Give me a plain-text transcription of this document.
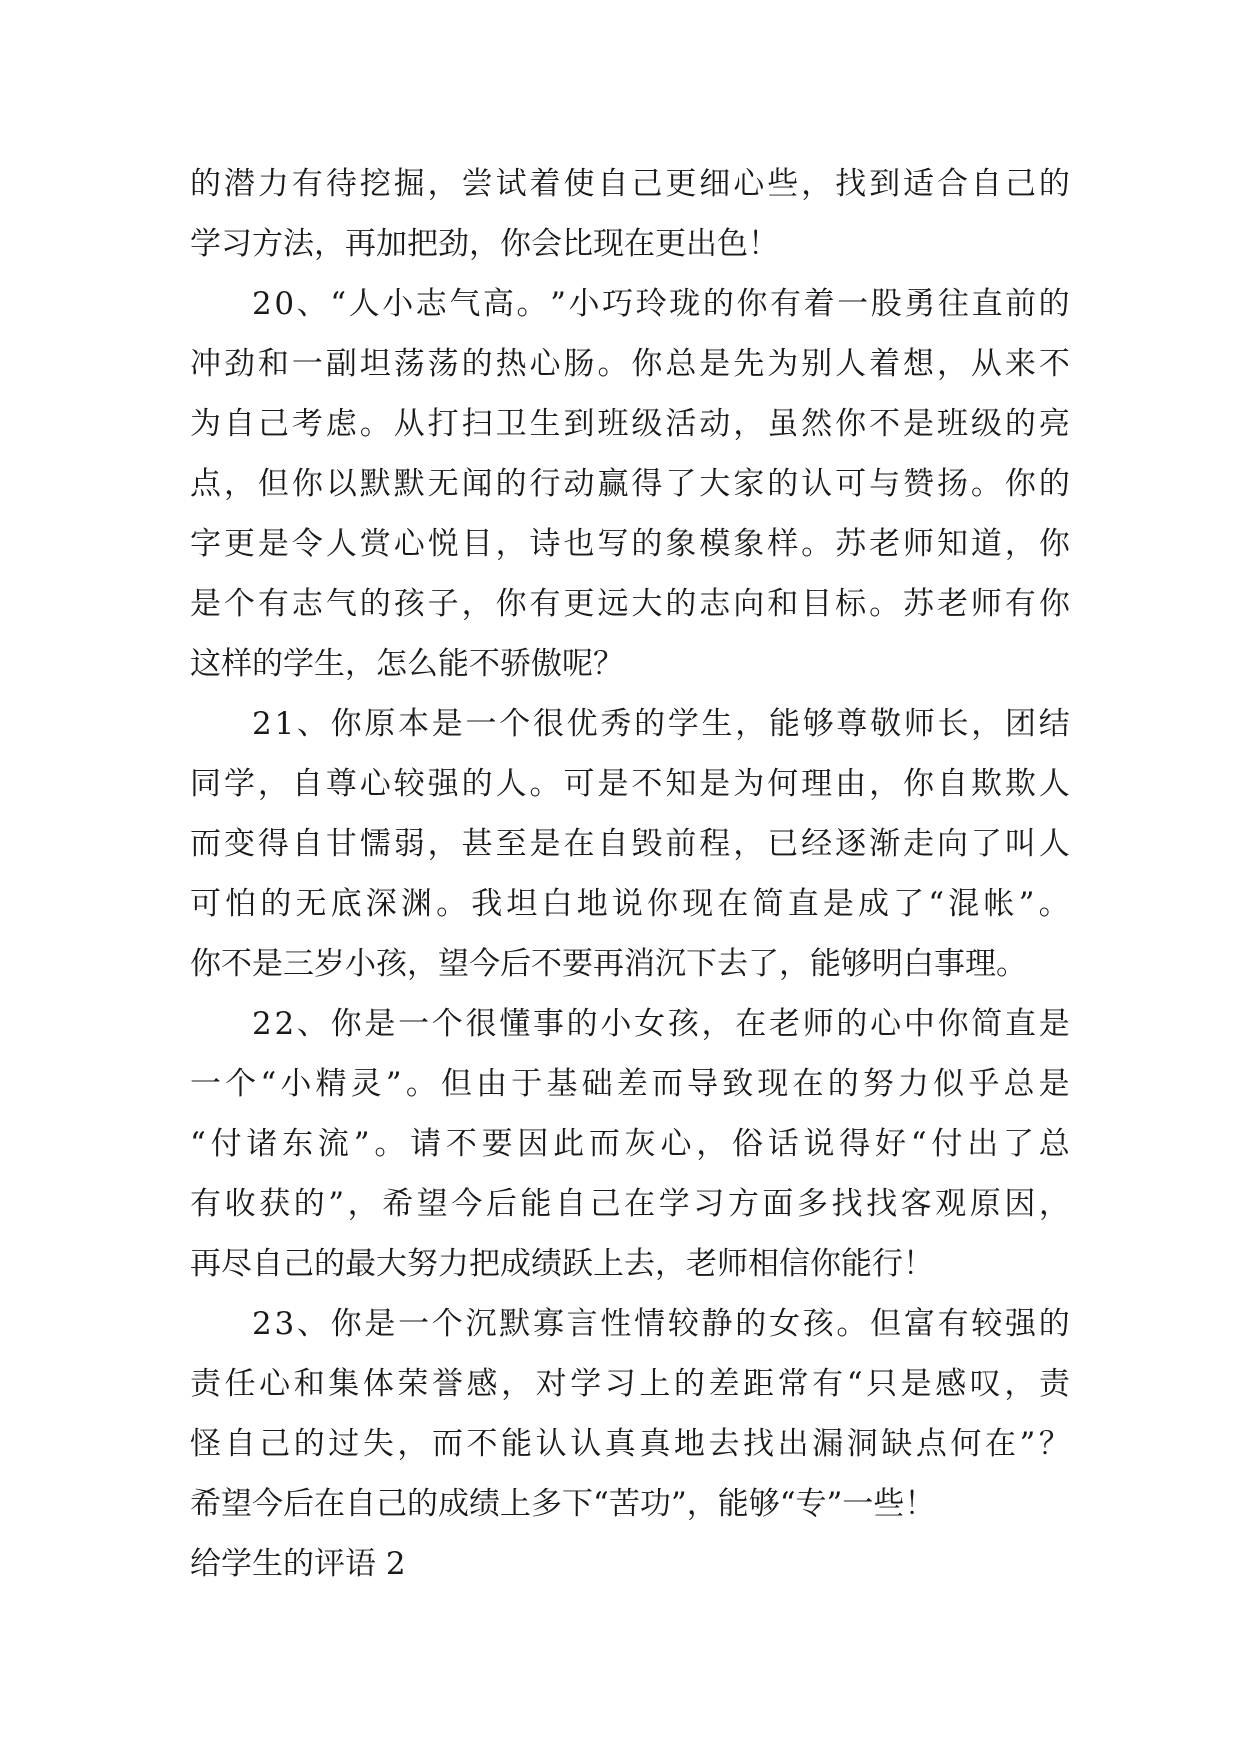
的 潜 力 有 待 挖 掘 ， 尝 试 着 使 自 己 更 细 心 些 ， 找 到 适 合 自 己 的
学习方法，再加把劲，你会比现在更出色！
2 0 、 “ 人 小 志 气 高 。 ” 小 巧 玲 珑 的 你 有 着 一 股 勇 往 直 前 的
冲 劲 和 一 副 坦 荡 荡 的 热 心 肠 。 你 总 是 先 为 别 人 着 想 ， 从 来 不
为 自 己 考 虑 。 从 打 扫 卫 生 到 班 级 活 动 ， 虽 然 你 不 是 班 级 的 亮
点 ， 但 你 以 默 默 无 闻 的 行 动 赢 得 了 大 家 的 认 可 与 赞 扬 。 你 的
字 更 是 令 人 赏 心 悦 目 ， 诗 也 写 的 象 模 象 样 。 苏 老 师 知 道 ， 你
是 个 有 志 气 的 孩 子 ， 你 有 更 远 大 的 志 向 和 目 标 。 苏 老 师 有 你
这样的学生，怎么能不骄傲呢？
2 1 、 你 原 本 是 一 个 很 优 秀 的 学 生 ， 能 够 尊 敬 师 长 ， 团 结
同 学 ， 自 尊 心 较 强 的 人 。 可 是 不 知 是 为 何 理 由 ， 你 自 欺 欺 人
而 变 得 自 甘 懦 弱 ， 甚 至 是 在 自 毁 前 程 ， 已 经 逐 渐 走 向 了 叫 人
可 怕 的 无 底 深 渊 。 我 坦 白 地 说 你 现 在 简 直 是 成 了 “ 混 帐 ” 。
你不是三岁小孩，望今后不要再消沉下去了，能够明白事理。
2 2 、 你 是 一 个 很 懂 事 的 小 女 孩 ， 在 老 师 的 心 中 你 简 直 是
一 个 “ 小 精 灵 ” 。 但 由 于 基 础 差 而 导 致 现 在 的 努 力 似 乎 总 是
“ 付 诸 东 流 ” 。 请 不 要 因 此 而 灰 心 ， 俗 话 说 得 好 “ 付 出 了 总
有 收 获 的 ” ， 希 望 今 后 能 自 己 在 学 习 方 面 多 找 找 客 观 原 因 ，
再尽自己的最大努力把成绩跃上去，老师相信你能行！
2 3 、 你 是 一 个 沉 默 寡 言 性 情 较 静 的 女 孩 。 但 富 有 较 强 的
责 任 心 和 集 体 荣 誉 感 ， 对 学 习 上 的 差 距 常 有 “ 只 是 感 叹 ， 责
怪 自 己 的 过 失 ， 而 不 能 认 认 真 真 地 去 找 出 漏 洞 缺 点 何 在 ” ？
希望今后在自己的成绩上多下“苦功”，能够“专”一些！
给学生的评语 2
